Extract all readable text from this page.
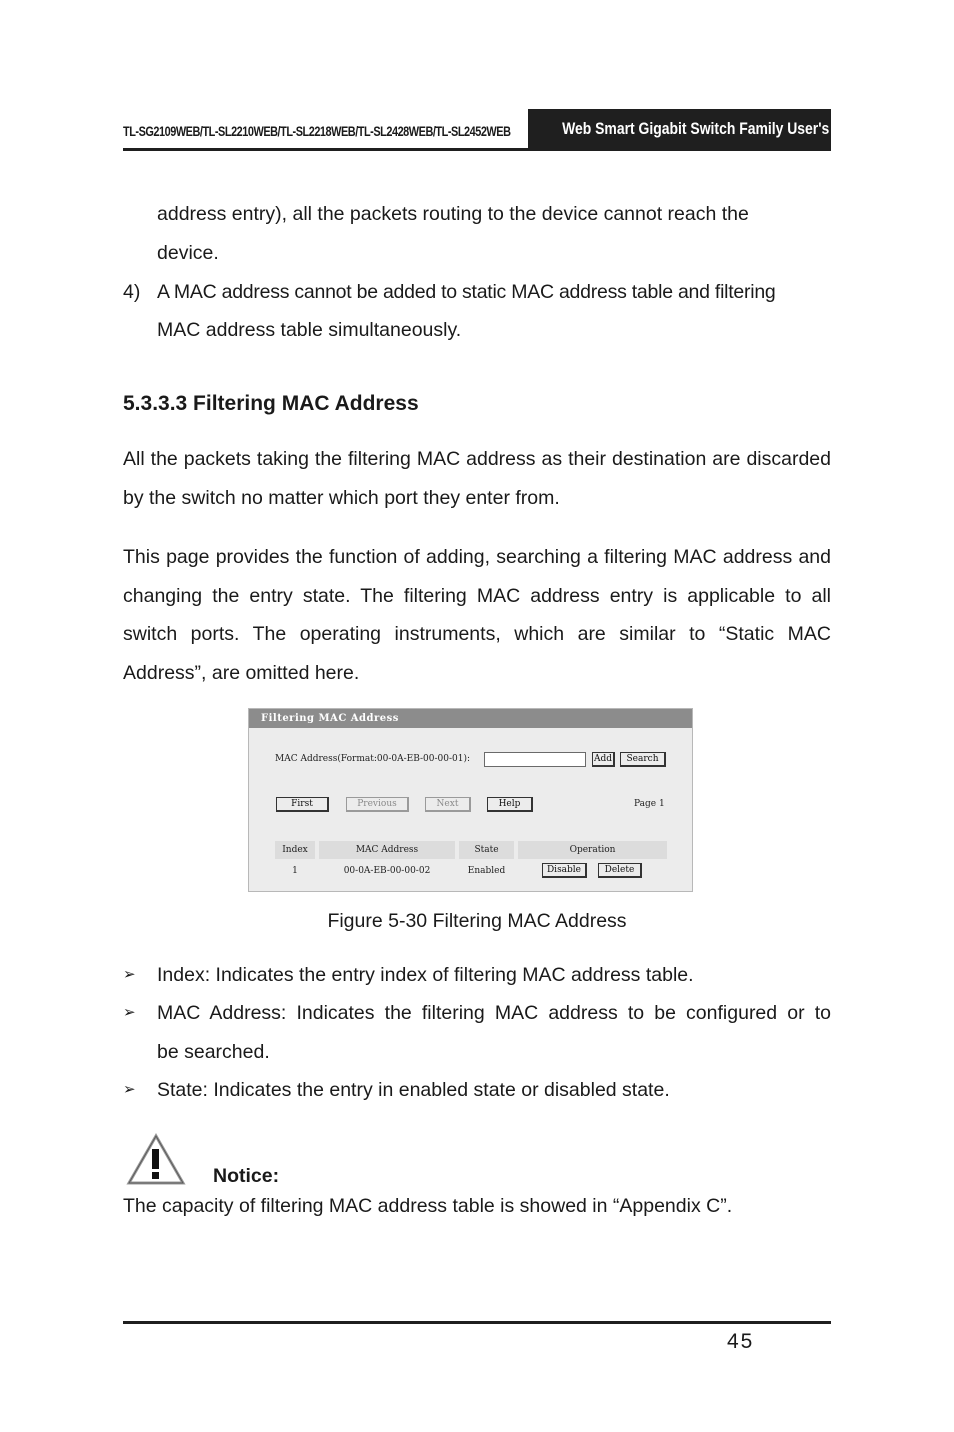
TL-SG2109WEB/TL-SL2210WEB/TL-SL2218WEB/TL-SL2428WEB/TL-SL2452WEB	Web Smart Gigabit Switch Family User's Guide
address entry), all the packets routing to the device cannot reach the
device.
4) A MAC address cannot be added to static MAC address table and filtering
MAC address table simultaneously.
5.3.3.3 Filtering MAC Address
All the packets taking the filtering MAC address as their destination are discarded by the switch no matter which port they enter from.
This page provides the function of adding, searching a filtering MAC address and changing the entry state. The filtering MAC address entry is applicable to all switch ports. The operating instruments, which are similar to “Static MAC Address”, are omitted here.
Filtering MAC Address
MAC Address(Format:00-0A-EB-00-00-01):	Add	Search
First	Previous	Next	Help	Page 1
Index	MAC Address	State	Operation
1	00-0A-EB-00-00-02	Enabled	Disable	Delete
Figure 5-30 Filtering MAC Address
➢ Index: Indicates the entry index of filtering MAC address table.
➢ MAC Address: Indicates the filtering MAC address to be configured or to
be searched.
➢ State: Indicates the entry in enabled state or disabled state.
Notice:
The capacity of filtering MAC address table is showed in “Appendix C”.
45
